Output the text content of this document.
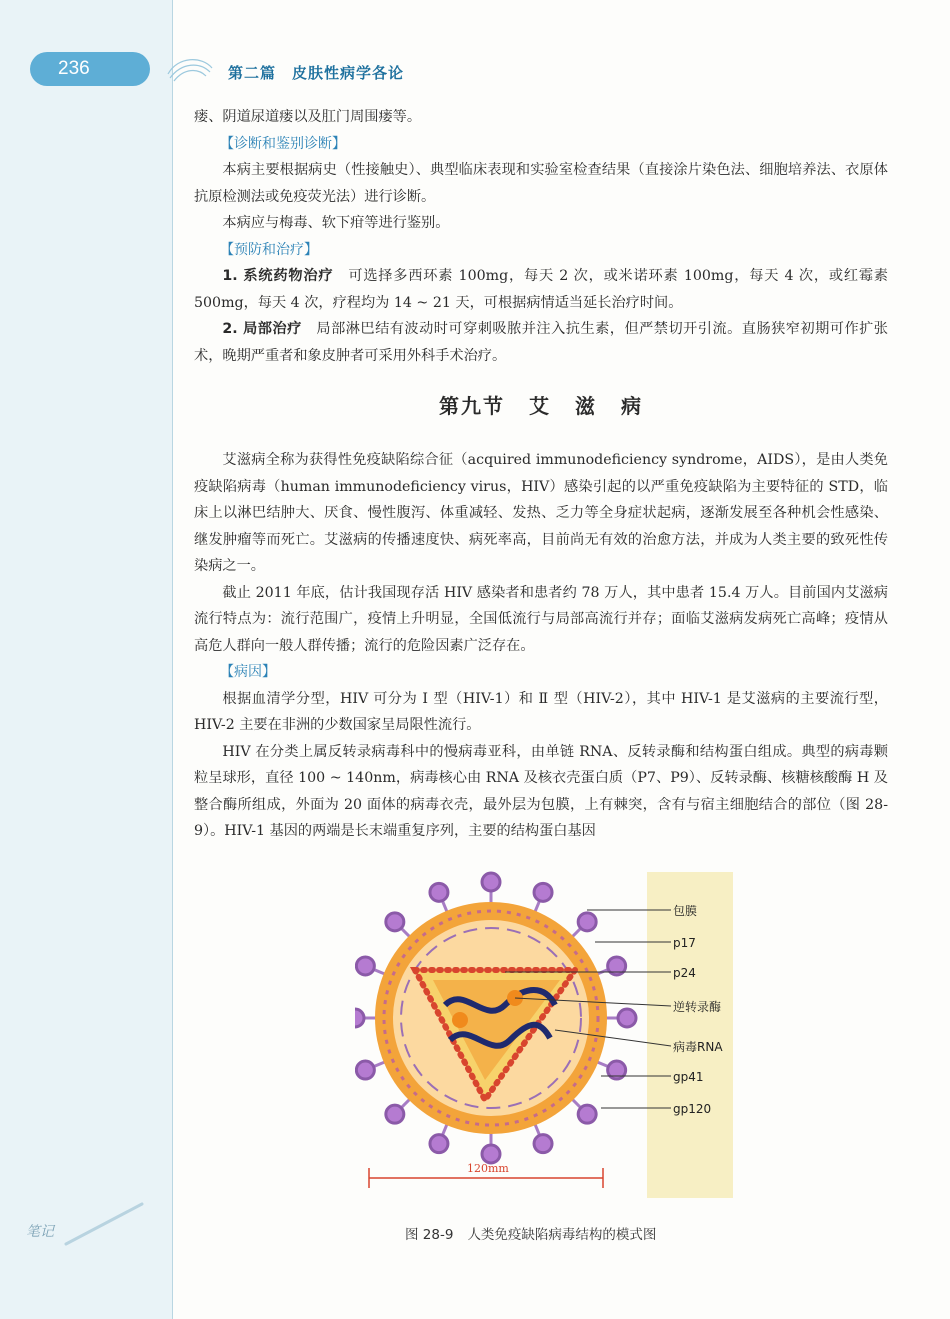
236	第二篇　皮肤性病学各论

瘘、阴道尿道瘘以及肛门周围瘘等。

【诊断和鉴别诊断】

本病主要根据病史（性接触史）、典型临床表现和实验室检查结果（直接涂片染色法、细胞培养法、衣原体抗原检测法或免疫荧光法）进行诊断。

本病应与梅毒、软下疳等进行鉴别。

【预防和治疗】

1. 系统药物治疗　 可选择多西环素 100mg，每天 2 次，或米诺环素 100mg，每天 4 次，或红霉素 500mg，每天 4 次，疗程均为 14 ~ 21 天，可根据病情适当延长治疗时间。

2. 局部治疗　 局部淋巴结有波动时可穿刺吸脓并注入抗生素，但严禁切开引流。直肠狭窄初期可作扩张术，晚期严重者和象皮肿者可采用外科手术治疗。

第九节 艾 滋 病

艾滋病全称为获得性免疫缺陷综合征（acquired immunodeficiency syndrome，AIDS），是由人类免疫缺陷病毒（human immunodeficiency virus，HIV）感染引起的以严重免疫缺陷为主要特征的 STD，临床上以淋巴结肿大、厌食、慢性腹泻、体重减轻、发热、乏力等全身症状起病，逐渐发展至各种机会性感染、继发肿瘤等而死亡。艾滋病的传播速度快、病死率高，目前尚无有效的治愈方法，并成为人类主要的致死性传染病之一。

截止 2011 年底，估计我国现存活 HIV 感染者和患者约 78 万人，其中患者 15.4 万人。目前国内艾滋病流行特点为：流行范围广，疫情上升明显，全国低流行与局部高流行并存；面临艾滋病发病死亡高峰；疫情从高危人群向一般人群传播；流行的危险因素广泛存在。

【病因】

根据血清学分型，HIV 可分为 Ⅰ 型（HIV-1）和 Ⅱ 型（HIV-2），其中 HIV-1 是艾滋病的主要流行型，HIV-2 主要在非洲的少数国家呈局限性流行。

HIV 在分类上属反转录病毒科中的慢病毒亚科，由单链 RNA、反转录酶和结构蛋白组成。典型的病毒颗粒呈球形，直径 100 ~ 140nm，病毒核心由 RNA 及核衣壳蛋白质（P7、P9）、反转录酶、核糖核酸酶 H 及整合酶所组成，外面为 20 面体的病毒衣壳，最外层为包膜，上有棘突，含有与宿主细胞结合的部位（图 28-9）。HIV-1 基因的两端是长末端重复序列，主要的结构蛋白基因

120mm
包膜
p17
p24
逆转录酶
病毒RNA
gp41
gp120
图 28-9 人类免疫缺陷病毒结构的模式图
笔记
